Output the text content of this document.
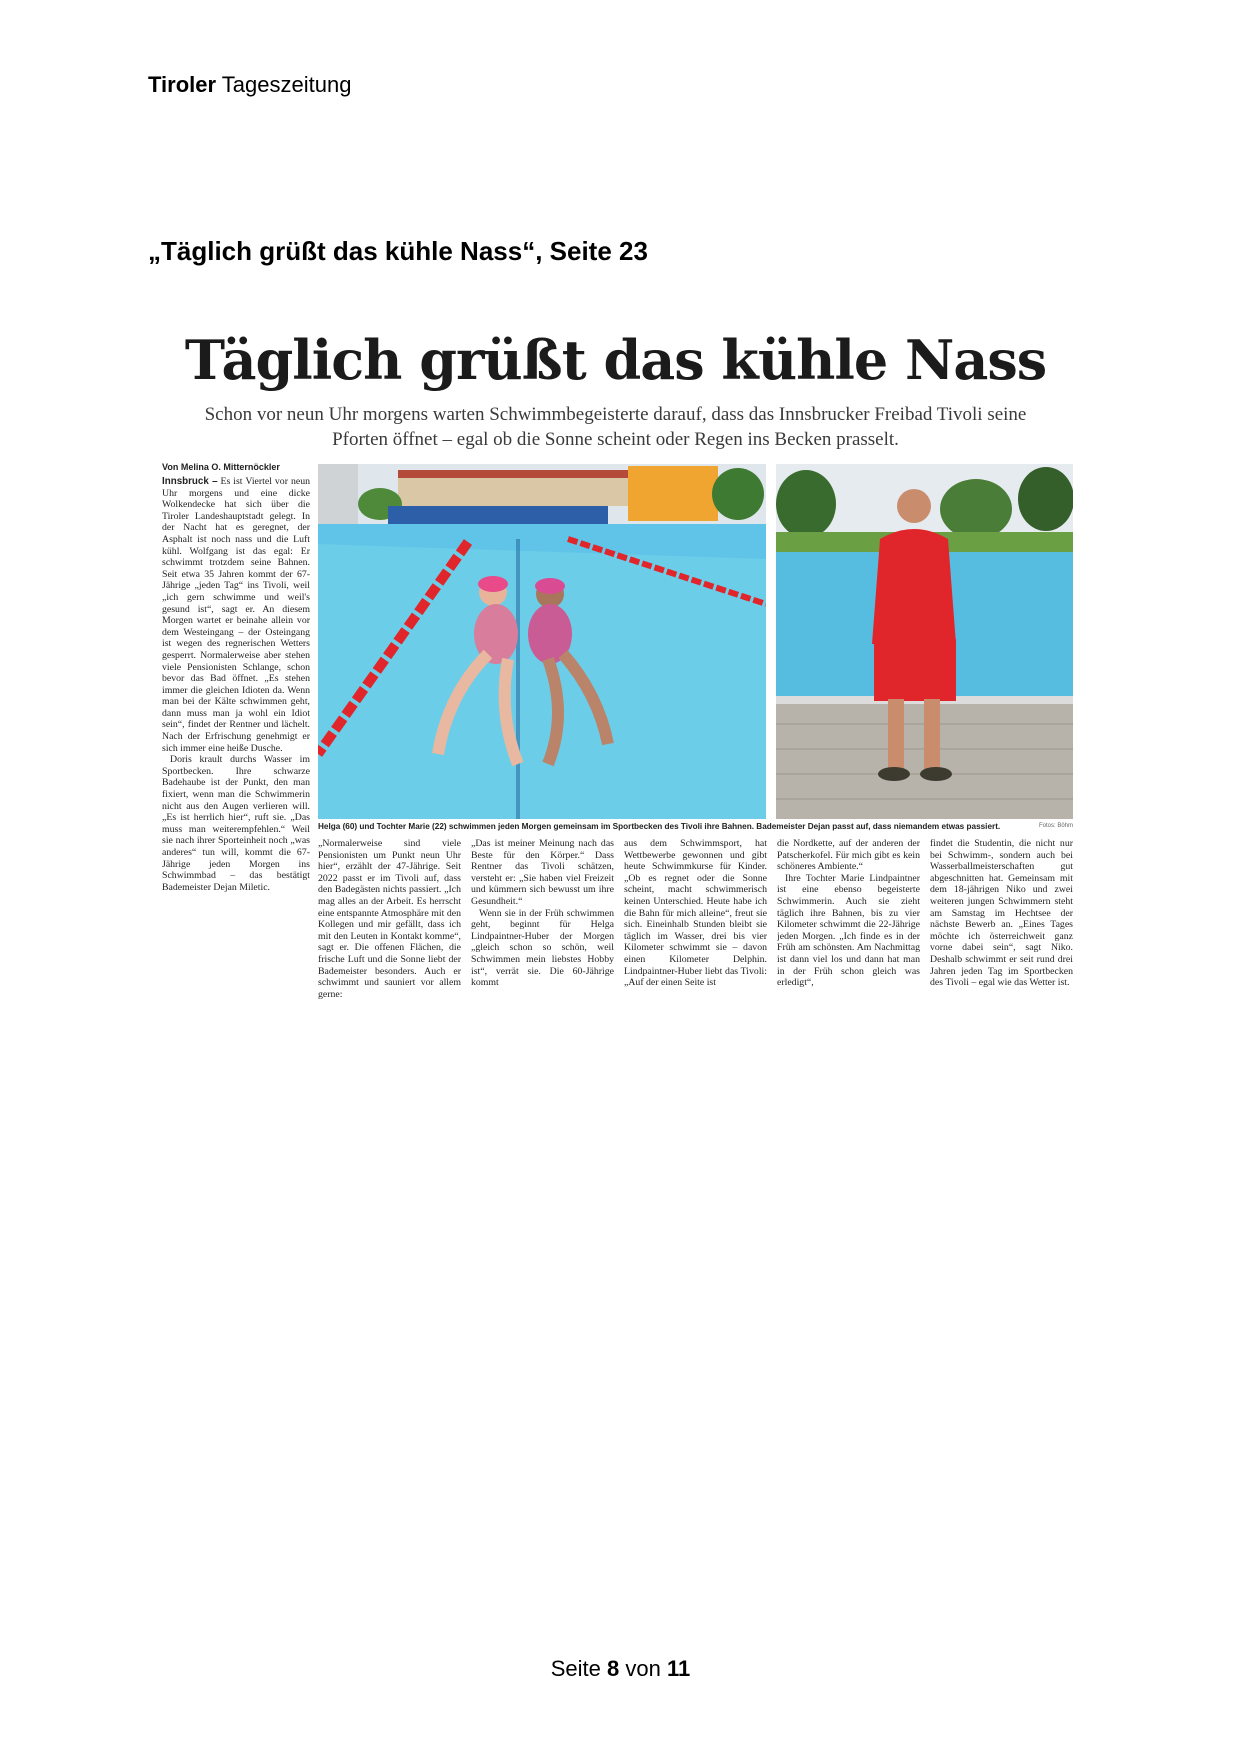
Tiroler Tageszeitung
„Täglich grüßt das kühle Nass“, Seite 23
Täglich grüßt das kühle Nass
Schon vor neun Uhr morgens warten Schwimmbegeisterte darauf, dass das Innsbrucker Freibad Tivoli seine Pforten öffnet – egal ob die Sonne scheint oder Regen ins Becken prasselt.
Von Melina O. Mitternöckler

Innsbruck – Es ist Viertel vor neun Uhr morgens und eine dicke Wolkendecke hat sich über die Tiroler Landeshauptstadt gelegt. In der Nacht hat es geregnet, der Asphalt ist noch nass und die Luft kühl. Wolfgang ist das egal: Er schwimmt trotzdem seine Bahnen. Seit etwa 35 Jahren kommt der 67-Jährige „jeden Tag“ ins Tivoli, weil „ich gern schwimme und weil's gesund ist“, sagt er. An diesem Morgen wartet er beinahe allein vor dem Westeingang – der Osteingang ist wegen des regnerischen Wetters gesperrt. Normalerweise aber stehen viele Pensionisten Schlange, schon bevor das Bad öffnet. „Es stehen immer die gleichen Idioten da. Wenn man bei der Kälte schwimmen geht, dann muss man ja wohl ein Idiot sein“, findet der Rentner und lächelt. Nach der Erfrischung genehmigt er sich immer eine heiße Dusche.

Doris krault durchs Wasser im Sportbecken. Ihre schwarze Badehaube ist der Punkt, den man fixiert, wenn man die Schwimmerin nicht aus den Augen verlieren will. „Es ist herrlich hier“, ruft sie. „Das muss man weiterempfehlen.“ Weil sie nach ihrer Sporteinheit noch „was anderes“ tun will, kommt die 67-Jährige jeden Morgen ins Schwimmbad – das bestätigt Bademeister Dejan Miletic.

Helga (60) und Tochter Marie (22) schwimmen jeden Morgen gemeinsam im Sportbecken des Tivoli ihre Bahnen. Bademeister Dejan passt auf, dass niemandem etwas passiert.	Fotos: Böhm

„Normalerweise sind viele Pensionisten um Punkt neun Uhr hier“, erzählt der 47-Jährige. Seit 2022 passt er im Tivoli auf, dass den Badegästen nichts passiert. „Ich mag alles an der Arbeit. Es herrscht eine entspannte Atmosphäre mit den Kollegen und mir gefällt, dass ich mit den Leuten in Kontakt komme“, sagt er. Die offenen Flächen, die frische Luft und die Sonne liebt der Bademeister besonders. Auch er schwimmt und sauniert vor allem gerne:

„Das ist meiner Meinung nach das Beste für den Körper.“ Dass Rentner das Tivoli schätzen, versteht er: „Sie haben viel Freizeit und kümmern sich bewusst um ihre Gesundheit.“

Wenn sie in der Früh schwimmen geht, beginnt für Helga Lindpaintner-Huber der Morgen „gleich schon so schön, weil Schwimmen mein liebstes Hobby ist“, verrät sie. Die 60-Jährige kommt

aus dem Schwimmsport, hat Wettbewerbe gewonnen und gibt heute Schwimmkurse für Kinder. „Ob es regnet oder die Sonne scheint, macht schwimmerisch keinen Unterschied. Heute habe ich die Bahn für mich alleine“, freut sie sich. Eineinhalb Stunden bleibt sie täglich im Wasser, drei bis vier Kilometer schwimmt sie – davon einen Kilometer Delphin. Lindpaintner-Huber liebt das Tivoli: „Auf der einen Seite ist

die Nordkette, auf der anderen der Patscherkofel. Für mich gibt es kein schöneres Ambiente.“

Ihre Tochter Marie Lindpaintner ist eine ebenso begeisterte Schwimmerin. Auch sie zieht täglich ihre Bahnen, bis zu vier Kilometer schwimmt die 22-Jährige jeden Morgen. „Ich finde es in der Früh am schönsten. Am Nachmittag ist dann viel los und dann hat man in der Früh schon gleich was erledigt“,

findet die Studentin, die nicht nur bei Schwimm-, sondern auch bei Wasserballmeisterschaften gut abgeschnitten hat. Gemeinsam mit dem 18-jährigen Niko und zwei weiteren jungen Schwimmern steht am Samstag im Hechtsee der nächste Bewerb an. „Eines Tages möchte ich österreichweit ganz vorne dabei sein“, sagt Niko. Deshalb schwimmt er seit rund drei Jahren jeden Tag im Sportbecken des Tivoli – egal wie das Wetter ist.

Seite 8 von 11
